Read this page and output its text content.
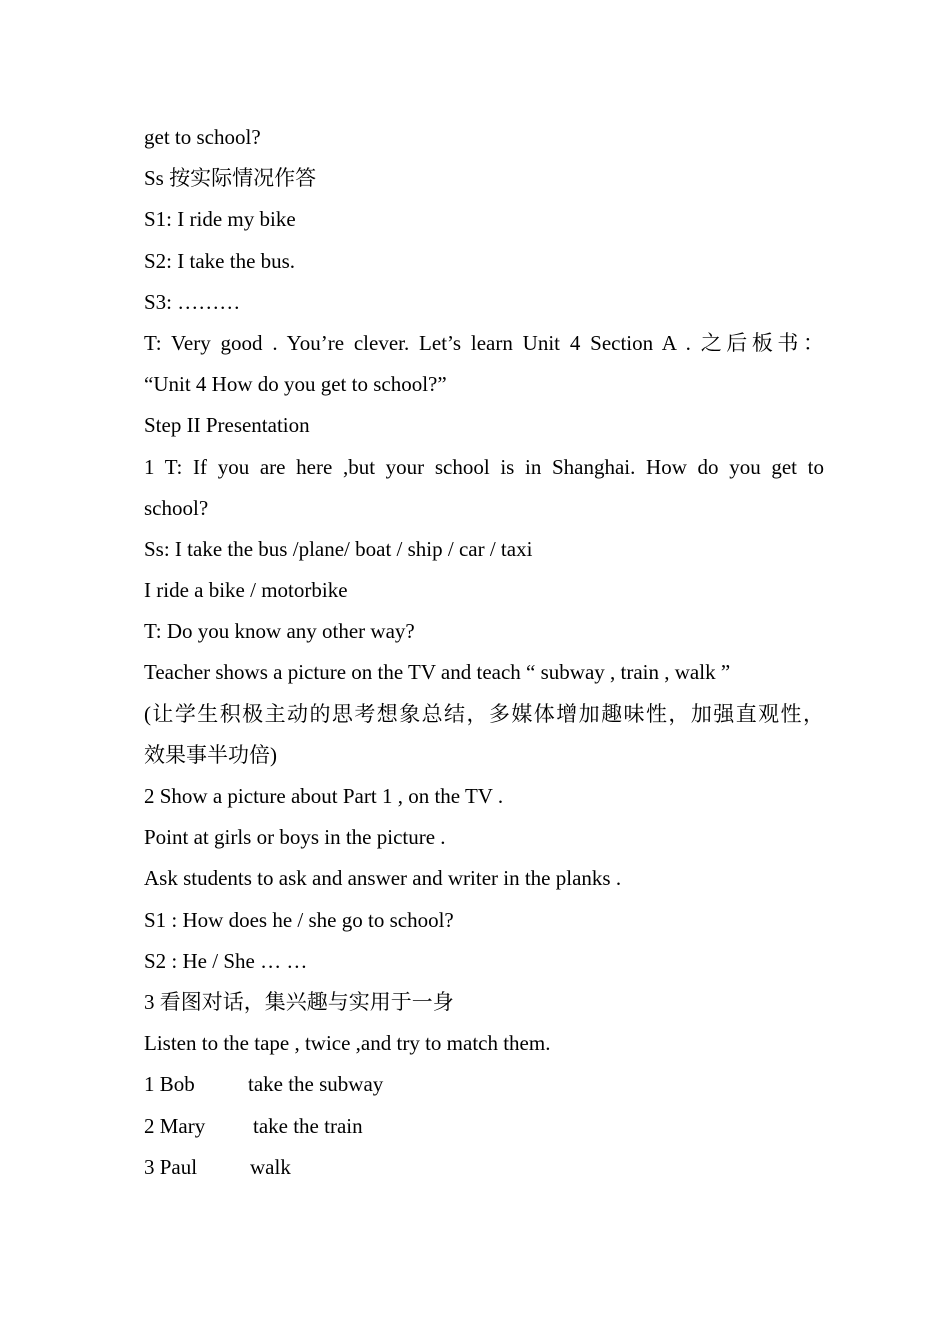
get to school?
Ss 按实际情况作答
S1: I ride my bike
S2: I take the bus.
S3: ………
T: Very good . You’re clever. Let’s learn Unit 4 Section A . 之后板书：
“Unit 4 How do you get to school?”
Step II Presentation
1 T: If you are here ,but your school is in Shanghai. How do you get to
school?
Ss: I take the bus /plane/ boat / ship / car / taxi
I ride a bike / motorbike
T: Do you know any other way?
Teacher shows a picture on the TV and teach “ subway , train , walk ”
(让学生积极主动的思考想象总结，多媒体增加趣味性，加强直观性，
效果事半功倍)
2 Show a picture about Part 1 , on the TV .
Point at girls or boys in the picture .
Ask students to ask and answer and writer in the planks .
S1 : How does he / she go to school?
S2 : He / She … …
3 看图对话，集兴趣与实用于一身
Listen to the tape , twice ,and try to match them.
1 Bob	take the subway
2 Mary	take the train
3 Paul	walk
